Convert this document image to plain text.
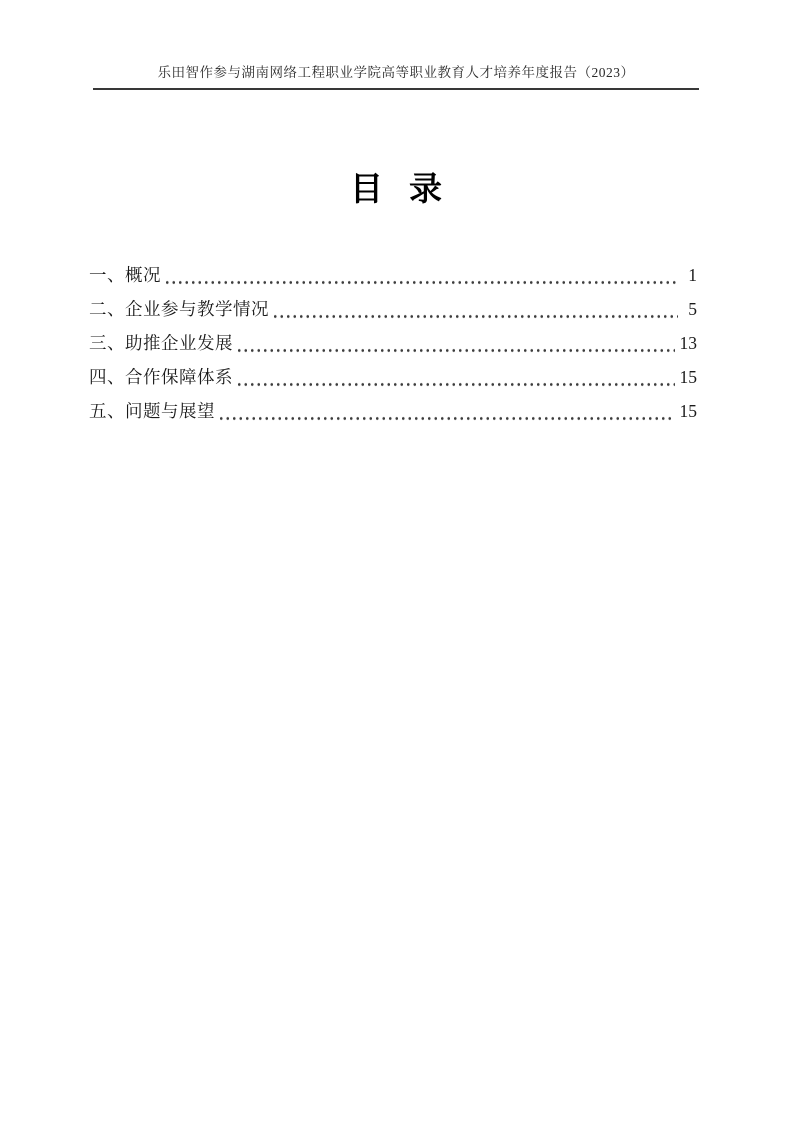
乐田智作参与湖南网络工程职业学院高等职业教育人才培养年度报告（2023）
目 录
一、概况	1
二、企业参与教学情况	5
三、助推企业发展	13
四、合作保障体系	15
五、问题与展望	15
